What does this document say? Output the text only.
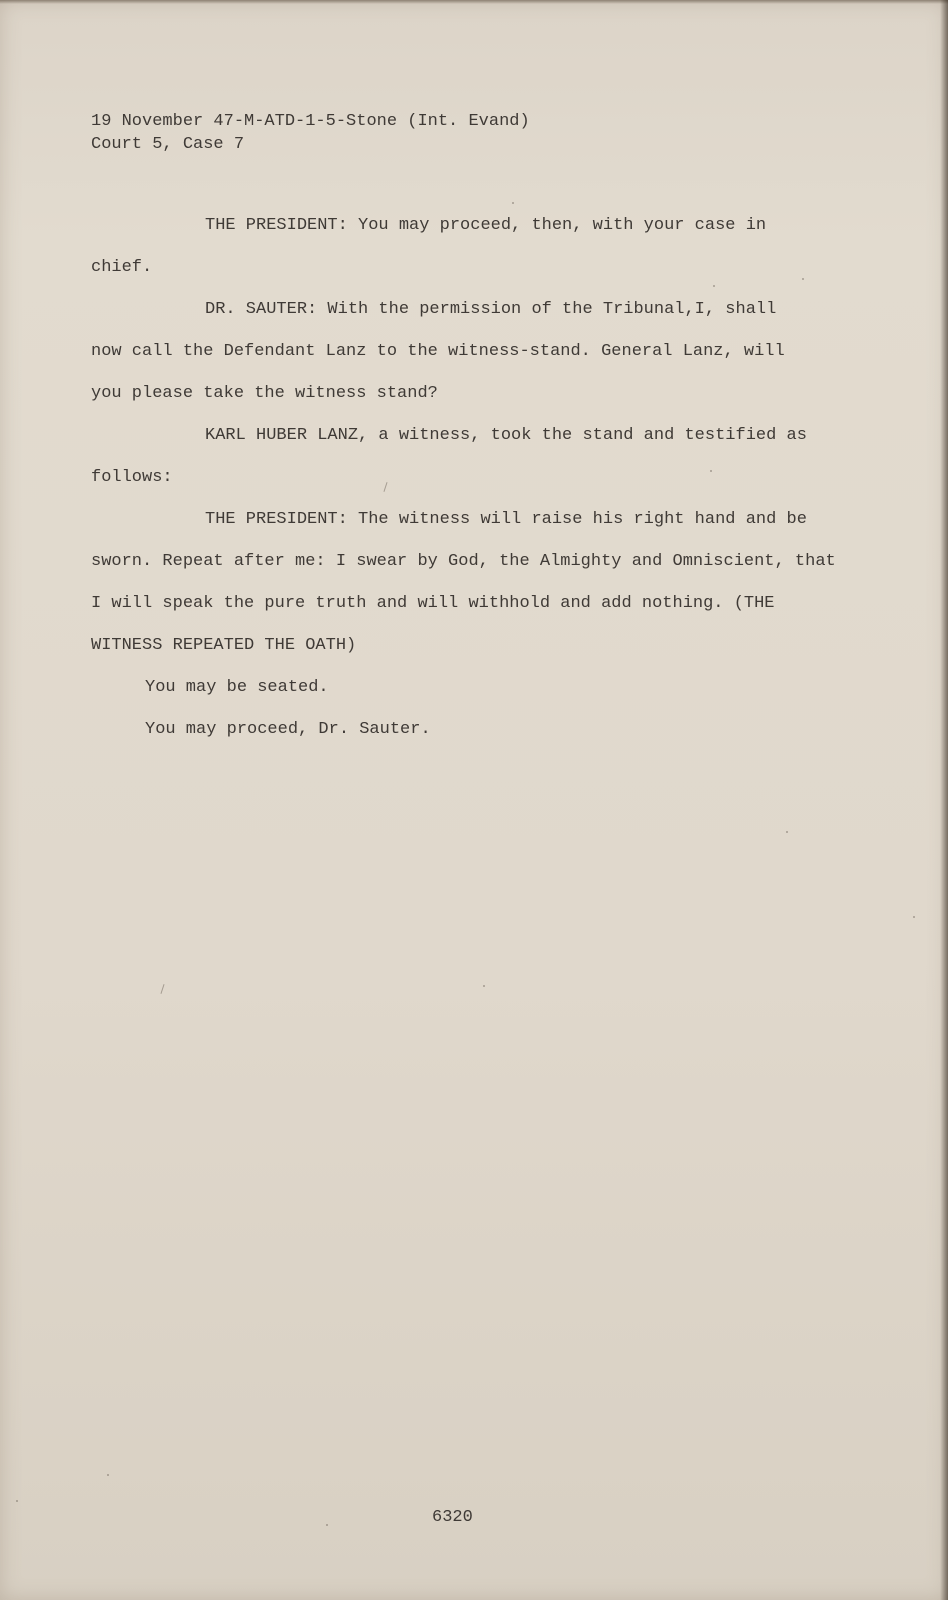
19 November 47-M-ATD-1-5-Stone (Int. Evand)
Court 5, Case 7
THE PRESIDENT: You may proceed, then, with your case in
chief.
DR. SAUTER: With the permission of the Tribunal,I, shall
now call the Defendant Lanz to the witness-stand. General Lanz, will
you please take the witness stand?
KARL HUBER LANZ, a witness, took the stand and testified as
follows:
THE PRESIDENT: The witness will raise his right hand and be
sworn. Repeat after me: I swear by God, the Almighty and Omniscient, that
I will speak the pure truth and will withhold and add nothing. (THE
WITNESS REPEATED THE OATH)
You may be seated.
You may proceed, Dr. Sauter.
6320
